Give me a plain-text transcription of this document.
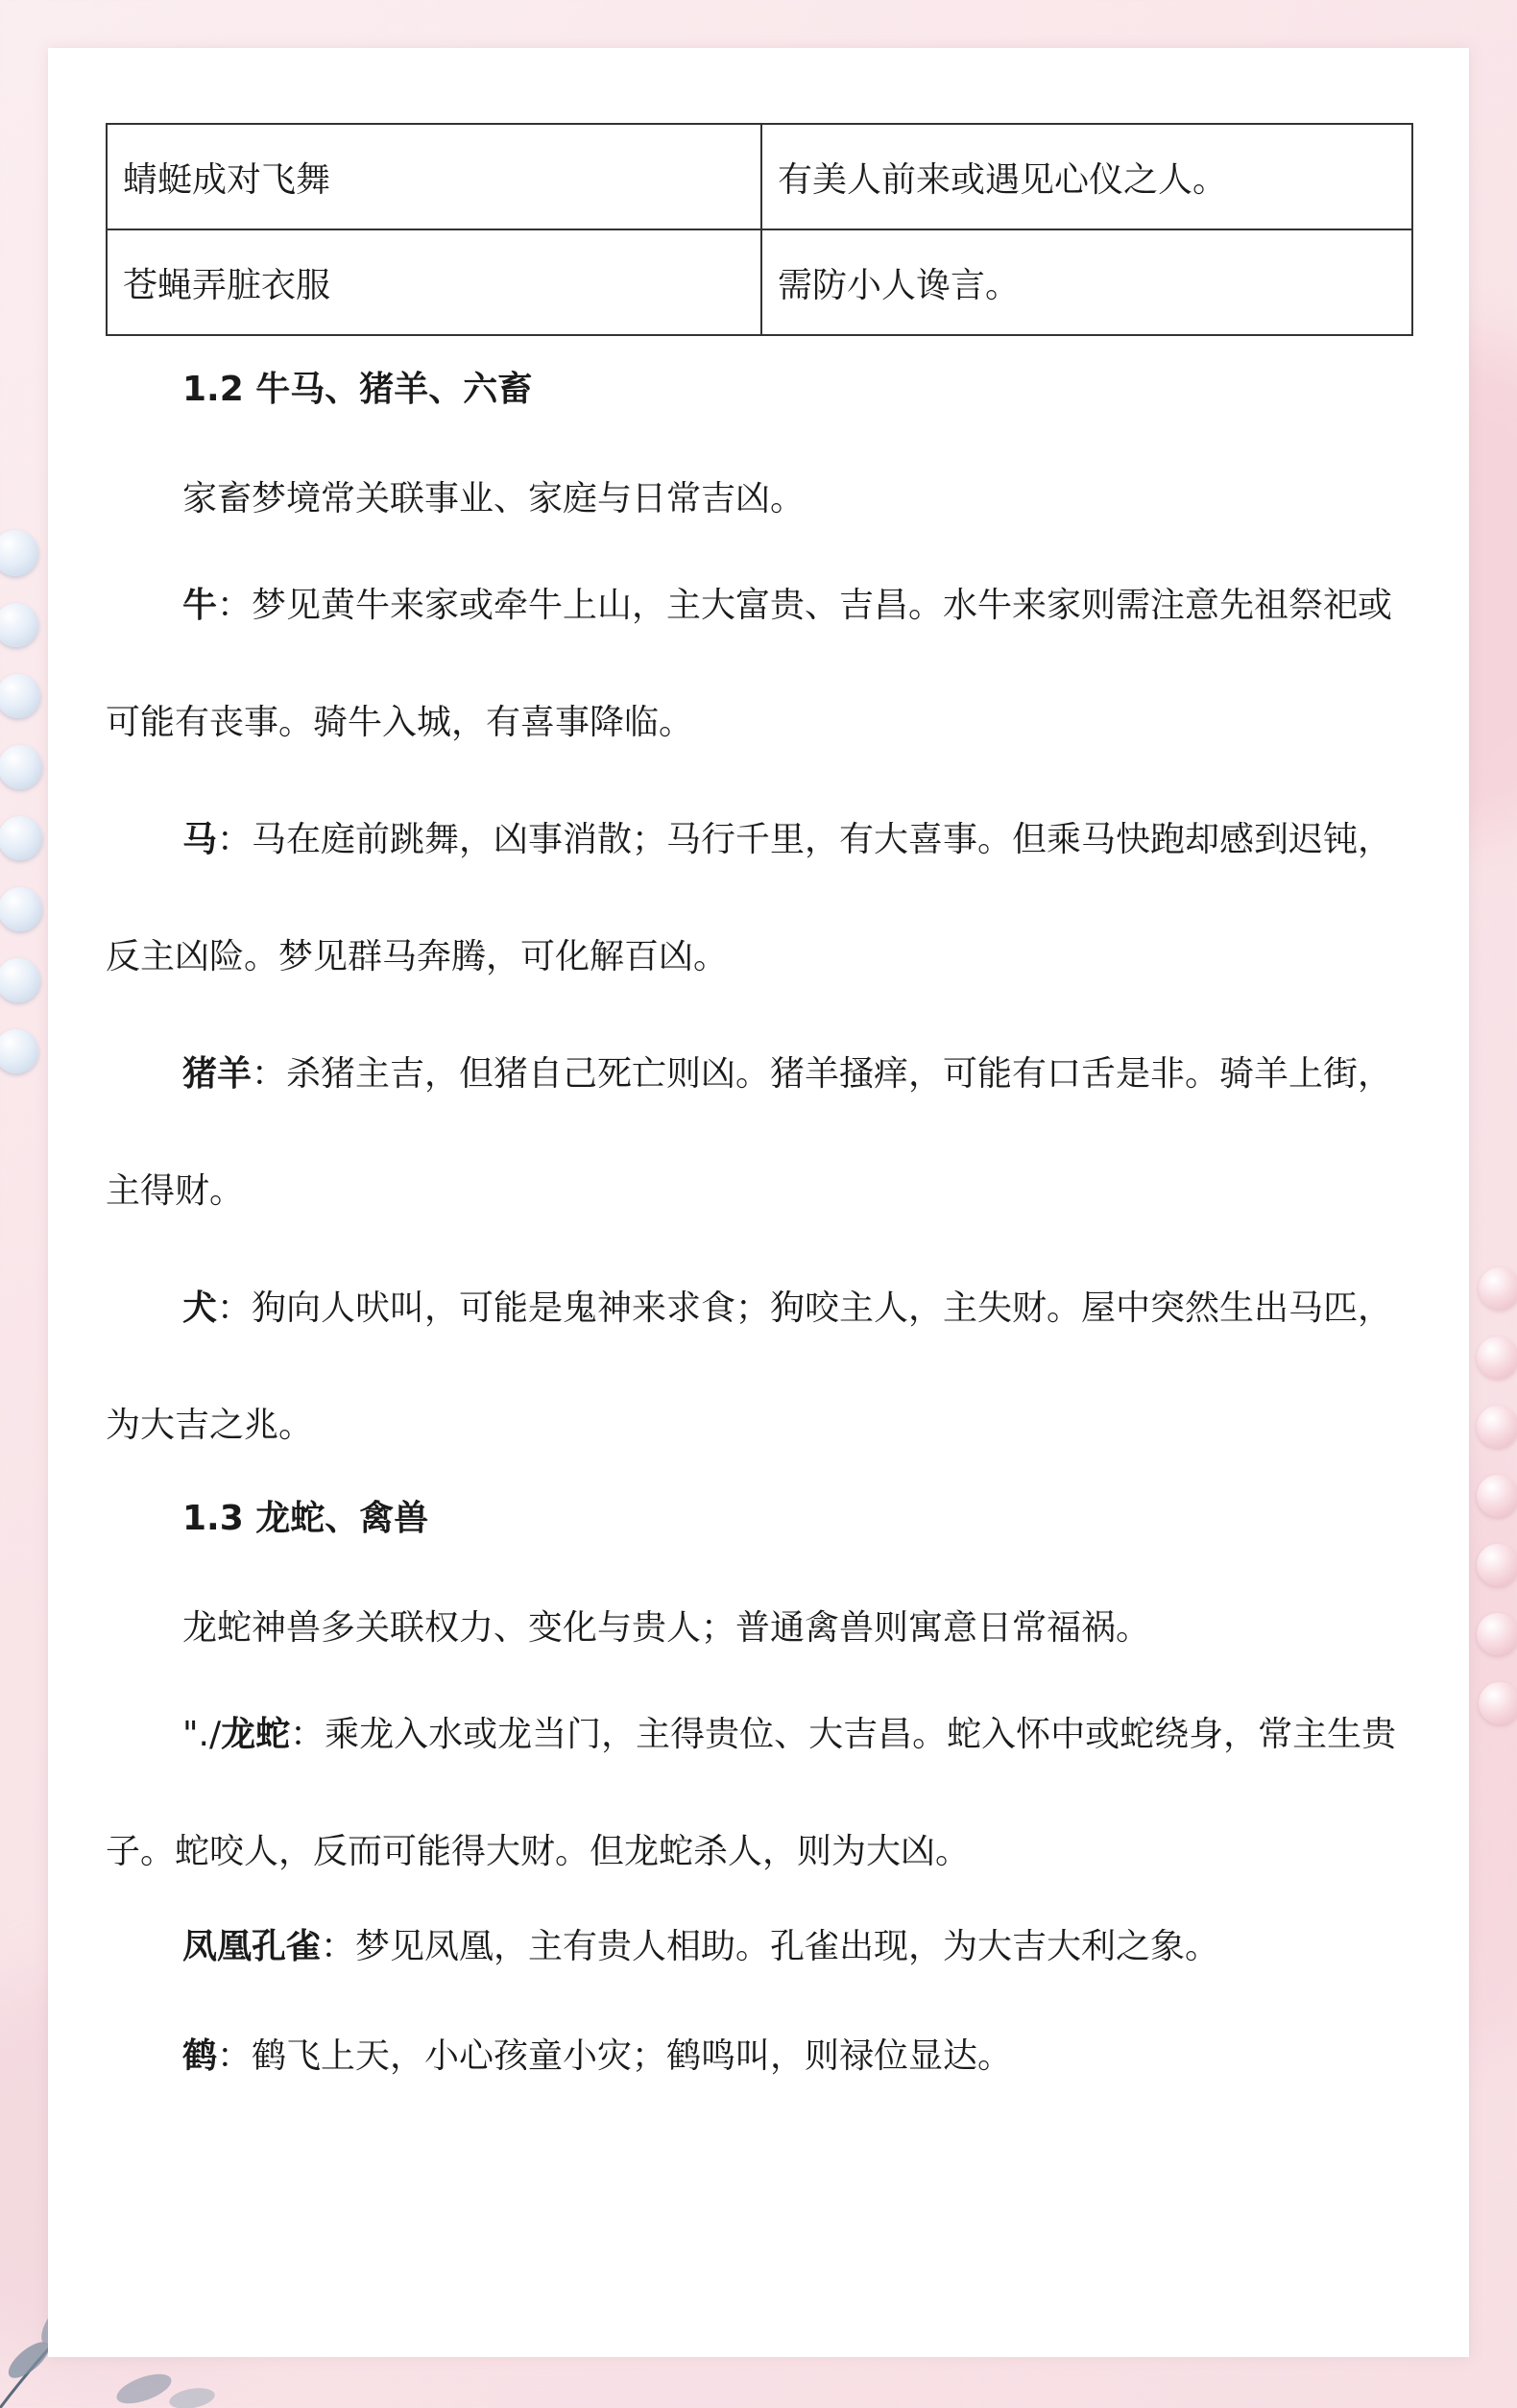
蜻蜓成对飞舞	有美人前来或遇见心仪之人。
苍蝇弄脏衣服	需防小人谗言。
1.2 牛马、猪羊、六畜

家畜梦境常关联事业、家庭与日常吉凶。

牛：梦见黄牛来家或牵牛上山，主大富贵、吉昌。水牛来家则需注意先祖祭祀或可能有丧事。骑牛入城，有喜事降临。

马：马在庭前跳舞，凶事消散；马行千里，有大喜事。但乘马快跑却感到迟钝，反主凶险。梦见群马奔腾，可化解百凶。

猪羊：杀猪主吉，但猪自己死亡则凶。猪羊搔痒，可能有口舌是非。骑羊上街，主得财。

犬：狗向人吠叫，可能是鬼神来求食；狗咬主人，主失财。屋中突然生出马匹，为大吉之兆。

1.3 龙蛇、禽兽

龙蛇神兽多关联权力、变化与贵人；普通禽兽则寓意日常福祸。

"./龙蛇：乘龙入水或龙当门，主得贵位、大吉昌。蛇入怀中或蛇绕身，常主生贵子。蛇咬人，反而可能得大财。但龙蛇杀人，则为大凶。

凤凰孔雀：梦见凤凰，主有贵人相助。孔雀出现，为大吉大利之象。

鹤：鹤飞上天，小心孩童小灾；鹤鸣叫，则禄位显达。
